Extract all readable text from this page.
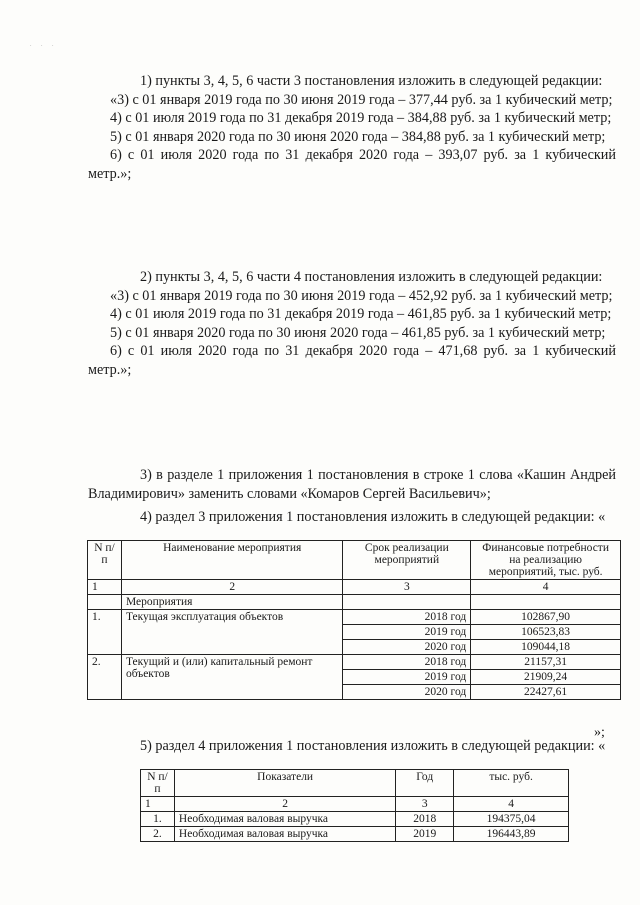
. . .

1) пункты 3, 4, 5, 6 части 3 постановления изложить в следующей редакции:

«3) с 01 января 2019 года по 30 июня 2019 года – 377,44 руб. за 1 кубический метр;

4) с 01 июля 2019 года по 31 декабря 2019 года – 384,88 руб. за 1 кубический метр;

5) с 01 января 2020 года по 30 июня 2020 года – 384,88 руб. за 1 кубический метр;

6) с 01 июля 2020 года по 31 декабря 2020 года – 393,07 руб. за 1 кубический метр.»;

2) пункты 3, 4, 5, 6 части 4 постановления изложить в следующей редакции:

«3) с 01 января 2019 года по 30 июня 2019 года – 452,92 руб. за 1 кубический метр;

4) с 01 июля 2019 года по 31 декабря 2019 года – 461,85 руб. за 1 кубический метр;

5) с 01 января 2020 года по 30 июня 2020 года – 461,85 руб. за 1 кубический метр;

6) с 01 июля 2020 года по 31 декабря 2020 года – 471,68 руб. за 1 кубический метр.»;

3) в разделе 1 приложения 1 постановления в строке 1 слова «Кашин Андрей Владимирович» заменить словами «Комаров Сергей Васильевич»;

4) раздел 3 приложения 1 постановления изложить в следующей редакции: «

N п/п	Наименование мероприятия	Срок реализации мероприятий	Финансовые потребности на реализацию мероприятий, тыс. руб.
1	2	3	4
	Мероприятия		
1.	Текущая эксплуатация объектов	2018 год	102867,90
		2019 год	106523,83
		2020 год	109044,18
2.	Текущий и (или) капитальный ремонт объектов	2018 год	21157,31
		2019 год	21909,24
		2020 год	22427,61
»;

5) раздел 4 приложения 1 постановления изложить в следующей редакции: «

N п/п	Показатели	Год	тыс. руб.
1	2	3	4
1.	Необходимая валовая выручка	2018	194375,04
2.	Необходимая валовая выручка	2019	196443,89
